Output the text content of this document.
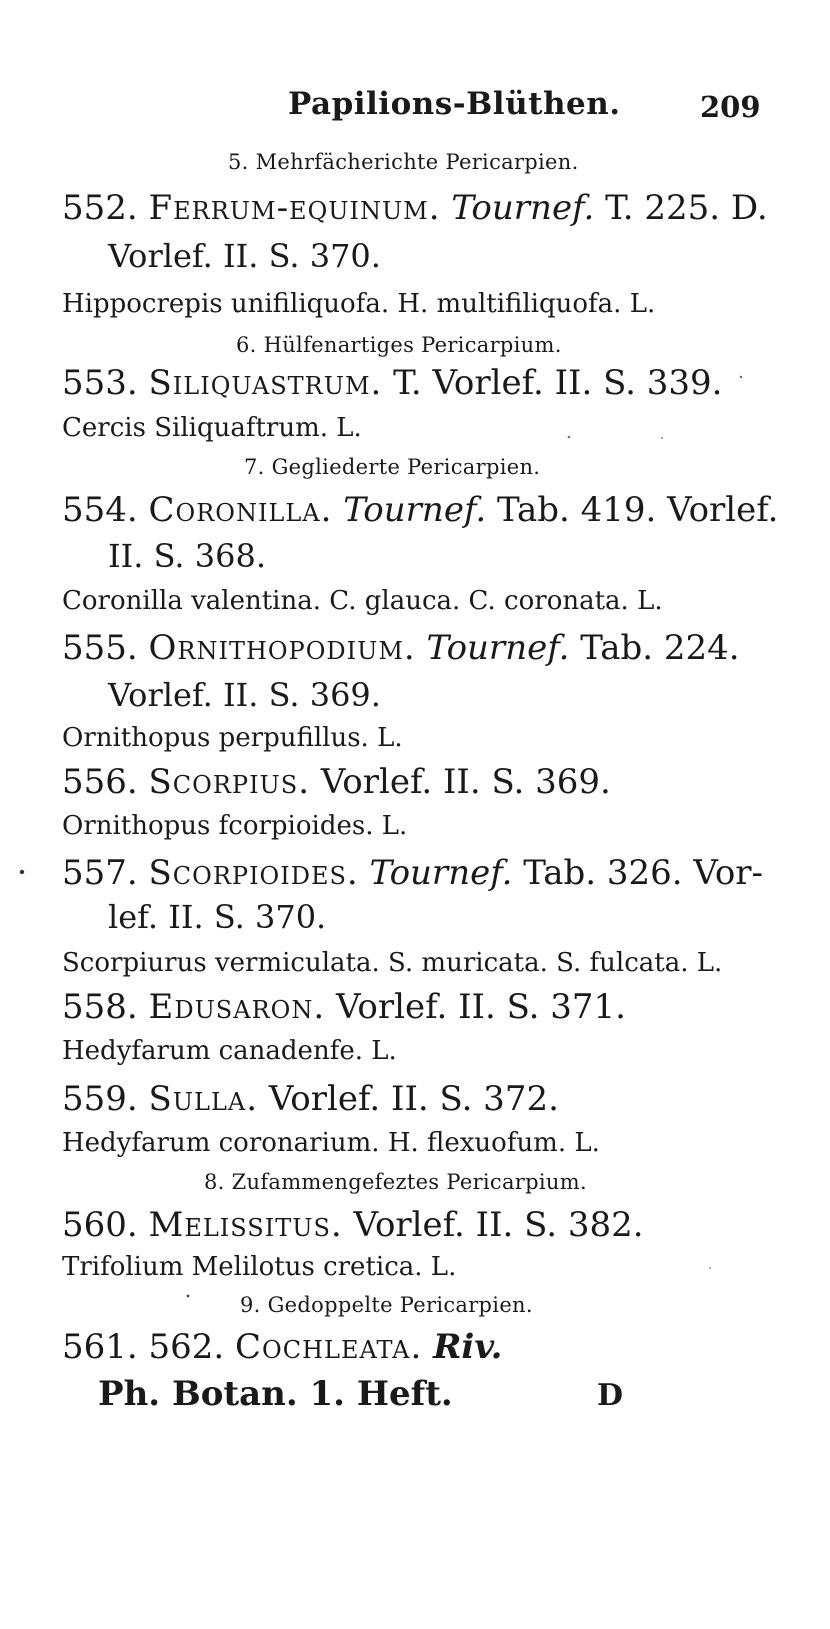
Papilions-Blüthen.	209
5. Mehrfächerichte Pericarpien.
552. Ferrum-equinum. Tournef. T. 225. D.
Vorlef. II. S. 370.
Hippocrepis unifiliquofa. H. multifiliquofa. L.
6. Hülfenartiges Pericarpium.
553. Siliquastrum. T. Vorlef. II. S. 339.
Cercis Siliquaftrum. L.
7. Gegliederte Pericarpien.
554. Coronilla. Tournef. Tab. 419. Vorlef.
II. S. 368.
Coronilla valentina. C. glauca. C. coronata. L.
555. Ornithopodium. Tournef. Tab. 224.
Vorlef. II. S. 369.
Ornithopus perpufillus. L.
556. Scorpius. Vorlef. II. S. 369.
Ornithopus fcorpioides. L.
557. Scorpioides. Tournef. Tab. 326. Vor-
lef. II. S. 370.
Scorpiurus vermiculata. S. muricata. S. fulcata. L.
558. Edusaron. Vorlef. II. S. 371.
Hedyfarum canadenfe. L.
559. Sulla. Vorlef. II. S. 372.
Hedyfarum coronarium. H. flexuofum. L.
8. Zufammengefeztes Pericarpium.
560. Melissitus. Vorlef. II. S. 382.
Trifolium Melilotus cretica. L.
9. Gedoppelte Pericarpien.
561. 562. Cochleata. Riv.
Ph. Botan. 1. Heft.	D
